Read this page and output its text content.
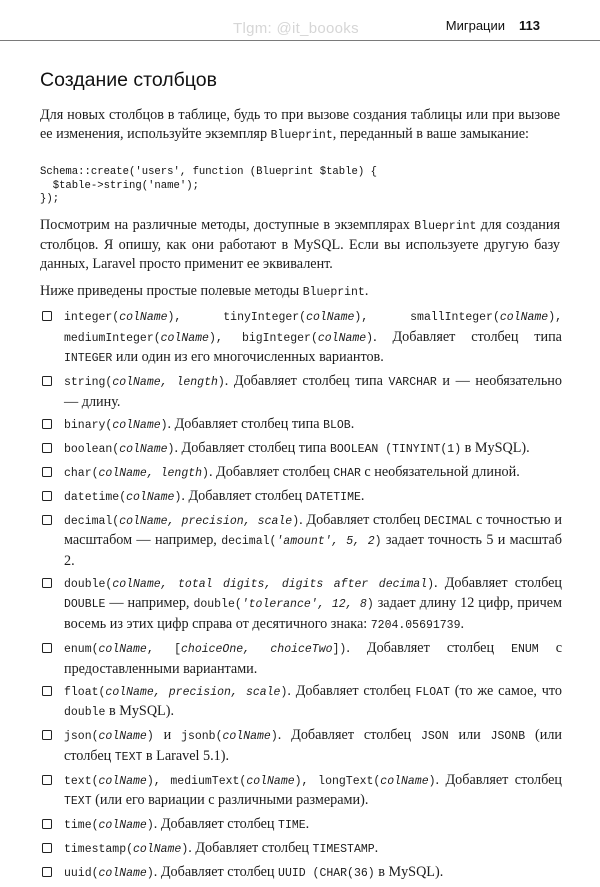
Tlgm: @it_boooks	Миграции 113
Создание столбцов

Для новых столбцов в таблице, будь то при вызове создания таблицы или при вызове ее изменения, используйте экземпляр Blueprint, переданный в ваше замыкание:

Schema::create('users', function (Blueprint $table) {
$table->string('name');
});

Посмотрим на различные методы, доступные в экземплярах Blueprint для создания столбцов. Я опишу, как они работают в MySQL. Если вы используете другую базу данных, Laravel просто применит ее эквивалент.

Ниже приведены простые полевые методы Blueprint.

integer(colName), tinyInteger(colName), smallInteger(colName), mediumInteger(colName), bigInteger(colName). Добавляет столбец типа INTEGER или один из его многочисленных вариантов.
string(colName, length). Добавляет столбец типа VARCHAR и — необязательно — длину.
binary(colName). Добавляет столбец типа BLOB.
boolean(colName). Добавляет столбец типа BOOLEAN (TINYINT(1) в MySQL).
char(colName, length). Добавляет столбец CHAR с необязательной длиной.
datetime(colName). Добавляет столбец DATETIME.
decimal(colName, precision, scale). Добавляет столбец DECIMAL с точностью и масштабом — например, decimal('amount', 5, 2) задает точность 5 и масштаб 2.
double(colName, total digits, digits after decimal). Добавляет столбец DOUBLE — например, double('tolerance', 12, 8) задает длину 12 цифр, причем восемь из этих цифр справа от десятичного знака: 7204.05691739.
enum(colName, [choiceOne, choiceTwo]). Добавляет столбец ENUM с предоставленными вариантами.
float(colName, precision, scale). Добавляет столбец FLOAT (то же самое, что double в MySQL).
json(colName) и jsonb(colName). Добавляет столбец JSON или JSONB (или столбец TEXT в Laravel 5.1).
text(colName), mediumText(colName), longText(colName). Добавляет столбец TEXT (или его вариации с различными размерами).
time(colName). Добавляет столбец TIME.
timestamp(colName). Добавляет столбец TIMESTAMP.
uuid(colName). Добавляет столбец UUID (CHAR(36) в MySQL).
